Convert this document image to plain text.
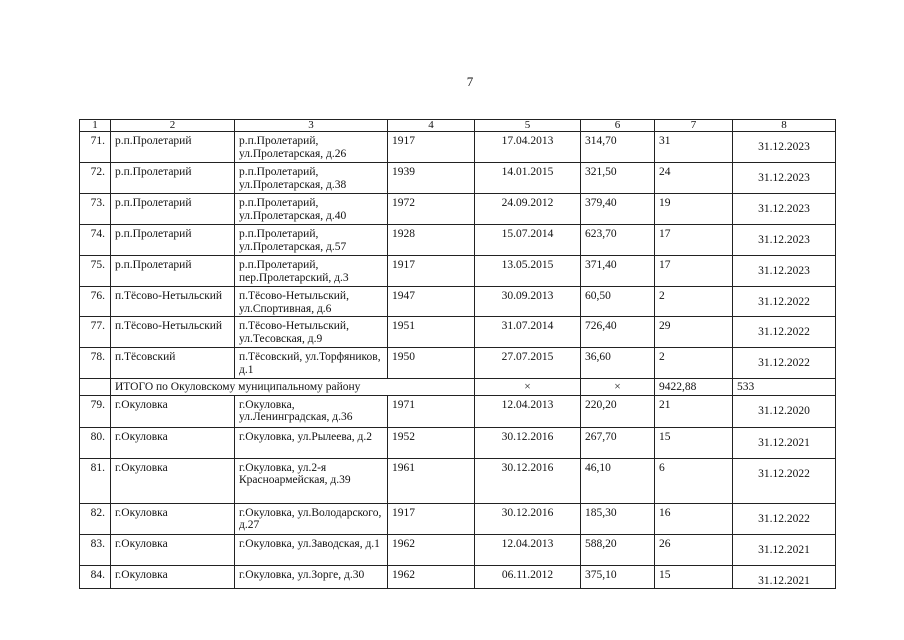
7
1	2	3	4	5	6	7	8	
71.	р.п.Пролетарий	р.п.Пролетарий, ул.Пролетарская, д.26	1917	17.04.2013	314,70	31	31.12.2023	
72.	р.п.Пролетарий	р.п.Пролетарий, ул.Пролетарская, д.38	1939	14.01.2015	321,50	24	31.12.2023	
73.	р.п.Пролетарий	р.п.Пролетарий, ул.Пролетарская, д.40	1972	24.09.2012	379,40	19	31.12.2023	
74.	р.п.Пролетарий	р.п.Пролетарий, ул.Пролетарская, д.57	1928	15.07.2014	623,70	17	31.12.2023	
75.	р.п.Пролетарий	р.п.Пролетарий, пер.Пролетарский, д.3	1917	13.05.2015	371,40	17	31.12.2023	
76.	п.Тёсово-Нетыльский	п.Тёсово-Нетыльский, ул.Спортивная, д.6	1947	30.09.2013	60,50	2	31.12.2022	
77.	п.Тёсово-Нетыльский	п.Тёсово-Нетыльский, ул.Тесовская, д.9	1951	31.07.2014	726,40	29	31.12.2022	
78.	п.Тёсовский	п.Тёсовский, ул.Торфяников, д.1	1950	27.07.2015	36,60	2	31.12.2022	
	ИТОГО по Окуловскому муниципальному району			×	×	9422,88	533	
79.	г.Окуловка	г.Окуловка, ул.Ленинградская, д.36	1971	12.04.2013	220,20	21	31.12.2020	
80.	г.Окуловка	г.Окуловка, ул.Рылеева, д.2	1952	30.12.2016	267,70	15	31.12.2021	
81.	г.Окуловка	г.Окуловка, ул.2-я Красноармейская, д.39	1961	30.12.2016	46,10	6	31.12.2022	
82.	г.Окуловка	г.Окуловка, ул.Володарского, д.27	1917	30.12.2016	185,30	16	31.12.2022	
83.	г.Окуловка	г.Окуловка, ул.Заводская, д.1	1962	12.04.2013	588,20	26	31.12.2021	
84.	г.Окуловка	г.Окуловка, ул.Зорге, д.30	1962	06.11.2012	375,10	15	31.12.2021	
